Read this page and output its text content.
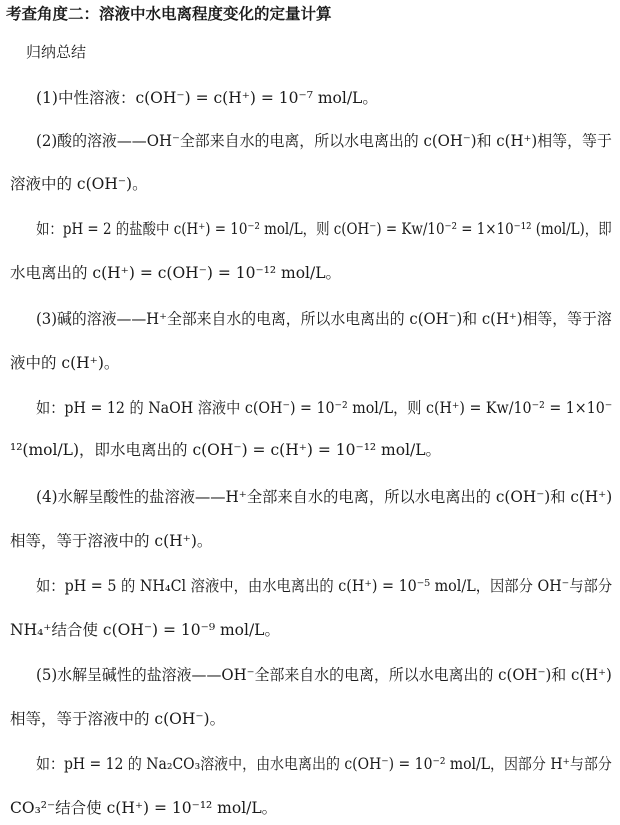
考查角度二：溶液中水电离程度变化的定量计算
归纳总结
(1)中性溶液：c(OH⁻) = c(H⁺) = 10⁻⁷ mol/L。
(2)酸的溶液——OH⁻全部来自水的电离，所以水电离出的 c(OH⁻)和 c(H⁺)相等，等于
溶液中的 c(OH⁻)。
如：pH = 2 的盐酸中 c(H⁺) = 10⁻² mol/L，则 c(OH⁻) = Kw/10⁻² = 1×10⁻¹² (mol/L)，即
水电离出的 c(H⁺) = c(OH⁻) = 10⁻¹² mol/L。
(3)碱的溶液——H⁺全部来自水的电离，所以水电离出的 c(OH⁻)和 c(H⁺)相等，等于溶
液中的 c(H⁺)。
如：pH = 12 的 NaOH 溶液中 c(OH⁻) = 10⁻² mol/L，则 c(H⁺) = Kw/10⁻² = 1×10⁻
¹²(mol/L)，即水电离出的 c(OH⁻) = c(H⁺) = 10⁻¹² mol/L。
(4)水解呈酸性的盐溶液——H⁺全部来自水的电离，所以水电离出的 c(OH⁻)和 c(H⁺)
相等，等于溶液中的 c(H⁺)。
如：pH = 5 的 NH₄Cl 溶液中，由水电离出的 c(H⁺) = 10⁻⁵ mol/L，因部分 OH⁻与部分
NH₄⁺结合使 c(OH⁻) = 10⁻⁹ mol/L。
(5)水解呈碱性的盐溶液——OH⁻全部来自水的电离，所以水电离出的 c(OH⁻)和 c(H⁺)
相等，等于溶液中的 c(OH⁻)。
如：pH = 12 的 Na₂CO₃溶液中，由水电离出的 c(OH⁻) = 10⁻² mol/L，因部分 H⁺与部分
CO₃²⁻结合使 c(H⁺) = 10⁻¹² mol/L。
